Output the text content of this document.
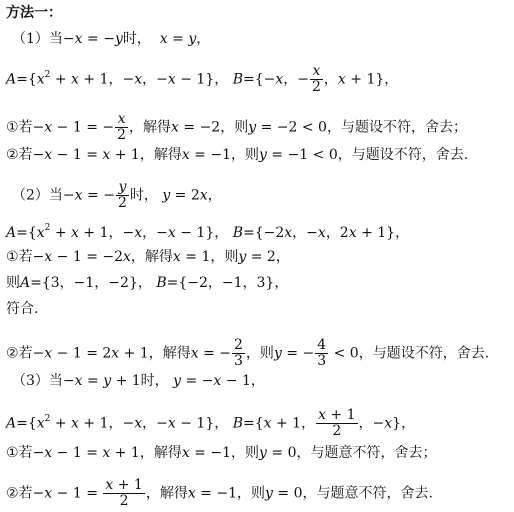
方法一：
（1）当−x = −y时， x = y，
$A=\{x^2 + x + 1$，−x，−x − 1}， B={−x，− $\frac{x}{2}$ ，x + 1}，
①若−x − 1 = − $\frac{x}{2}$ ，解得x = −2，则y = −2 < 0，与题设不符，舍去；
②若−x − 1 = x + 1，解得x = −1，则y = −1 < 0，与题设不符，舍去.
（2）当−x = − $\frac{y}{2}$ 时， y = 2x，
$A=\{x^2 + x + 1$，−x，−x − 1}， B={−2x，−x，2x + 1}，
①若−x − 1 = −2x，解得x = 1，则y = 2，
则A={3，−1，−2}， B={−2，−1，3}，
符合.
②若−x − 1 = 2x + 1，解得x = − $\frac{2}{3}$ ，则y = − $\frac{4}{3} < 0$，与题设不符，舍去.
（3）当−x = y + 1时， y = −x − 1，
$A=\{x^2 + x + 1$，−x，−x − 1}， B={x + 1， $\frac{x + 1}{2}$ ，−x}，
①若−x − 1 = x + 1，解得x = −1，则y = 0，与题意不符，舍去；
②若$-x - 1 = \frac{x + 1}{2}$ ，解得x = −1，则y = 0，与题意不符，舍去.
